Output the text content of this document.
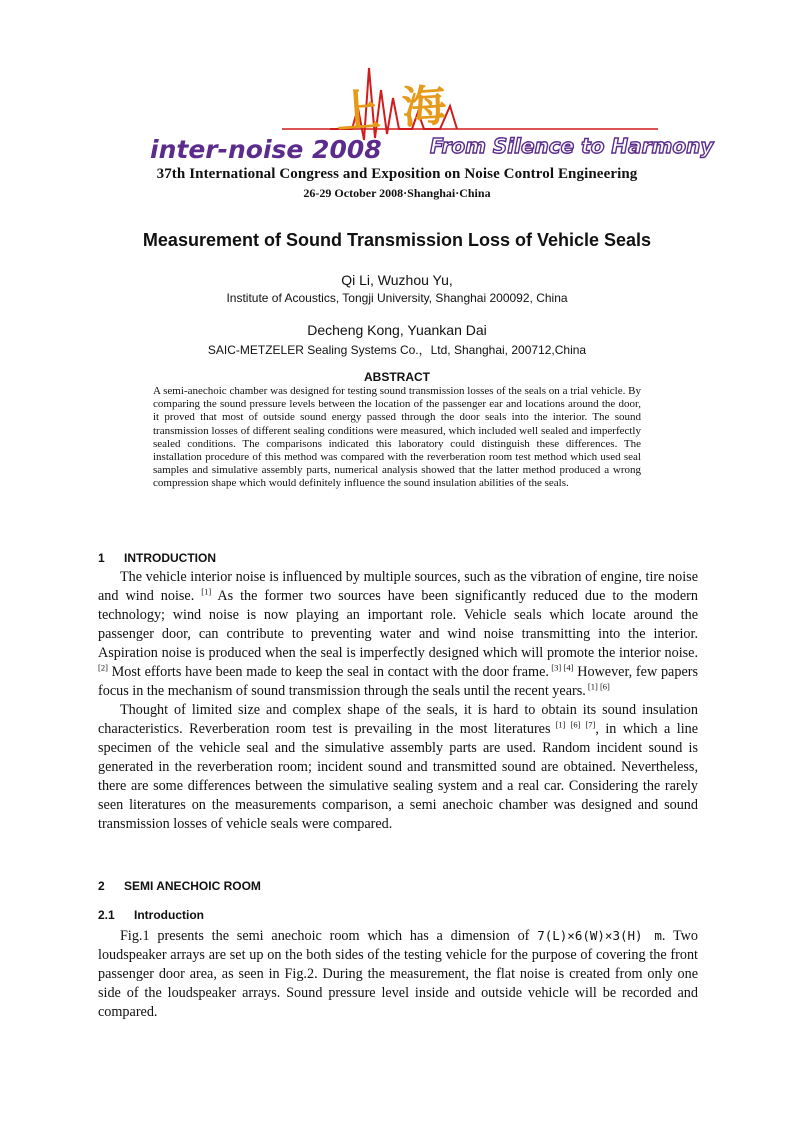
上海
inter-noise 2008 From Silence to Harmony
37th International Congress and Exposition on Noise Control Engineering
26-29 October 2008·Shanghai·China
Measurement of Sound Transmission Loss of Vehicle Seals
Qi Li, Wuzhou Yu,
Institute of Acoustics, Tongji University, Shanghai 200092, China
Decheng Kong, Yuankan Dai
SAIC-METZELER Sealing Systems Co.，Ltd, Shanghai, 200712,China
ABSTRACT

A semi-anechoic chamber was designed for testing sound transmission losses of the seals on a trial vehicle. By comparing the sound pressure levels between the location of the passenger ear and locations around the door, it proved that most of outside sound energy passed through the door seals into the interior. The sound transmission losses of different sealing conditions were measured, which included well sealed and imperfectly sealed conditions. The comparisons indicated this laboratory could distinguish these differences. The installation procedure of this method was compared with the reverberation room test method which used seal samples and simulative assembly parts, numerical analysis showed that the latter method produced a wrong compression shape which would definitely influence the sound insulation abilities of the seals.

1 INTRODUCTION

The vehicle interior noise is influenced by multiple sources, such as the vibration of engine, tire noise and wind noise. [1] As the former two sources have been significantly reduced due to the modern technology; wind noise is now playing an important role. Vehicle seals which locate around the passenger door, can contribute to preventing water and wind noise transmitting into the interior. Aspiration noise is produced when the seal is imperfectly designed which will promote the interior noise.[2] Most efforts have been made to keep the seal in contact with the door frame. [3] [4] However, few papers focus in the mechanism of sound transmission through the seals until the recent years. [1] [6]

Thought of limited size and complex shape of the seals, it is hard to obtain its sound insulation characteristics. Reverberation room test is prevailing in the most literatures [1] [6] [7], in which a line specimen of the vehicle seal and the simulative assembly parts are used. Random incident sound is generated in the reverberation room; incident sound and transmitted sound are obtained. Nevertheless, there are some differences between the simulative sealing system and a real car. Considering the rarely seen literatures on the measurements comparison, a semi anechoic chamber was designed and sound transmission losses of vehicle seals were compared.

2 SEMI ANECHOIC ROOM
2.1 Introduction

Fig.1 presents the semi anechoic room which has a dimension of 7(L)×6(W)×3(H) m. Two loudspeaker arrays are set up on the both sides of the testing vehicle for the purpose of covering the front passenger door area, as seen in Fig.2. During the measurement, the flat noise is created from only one side of the loudspeaker arrays. Sound pressure level inside and outside vehicle will be recorded and compared.
